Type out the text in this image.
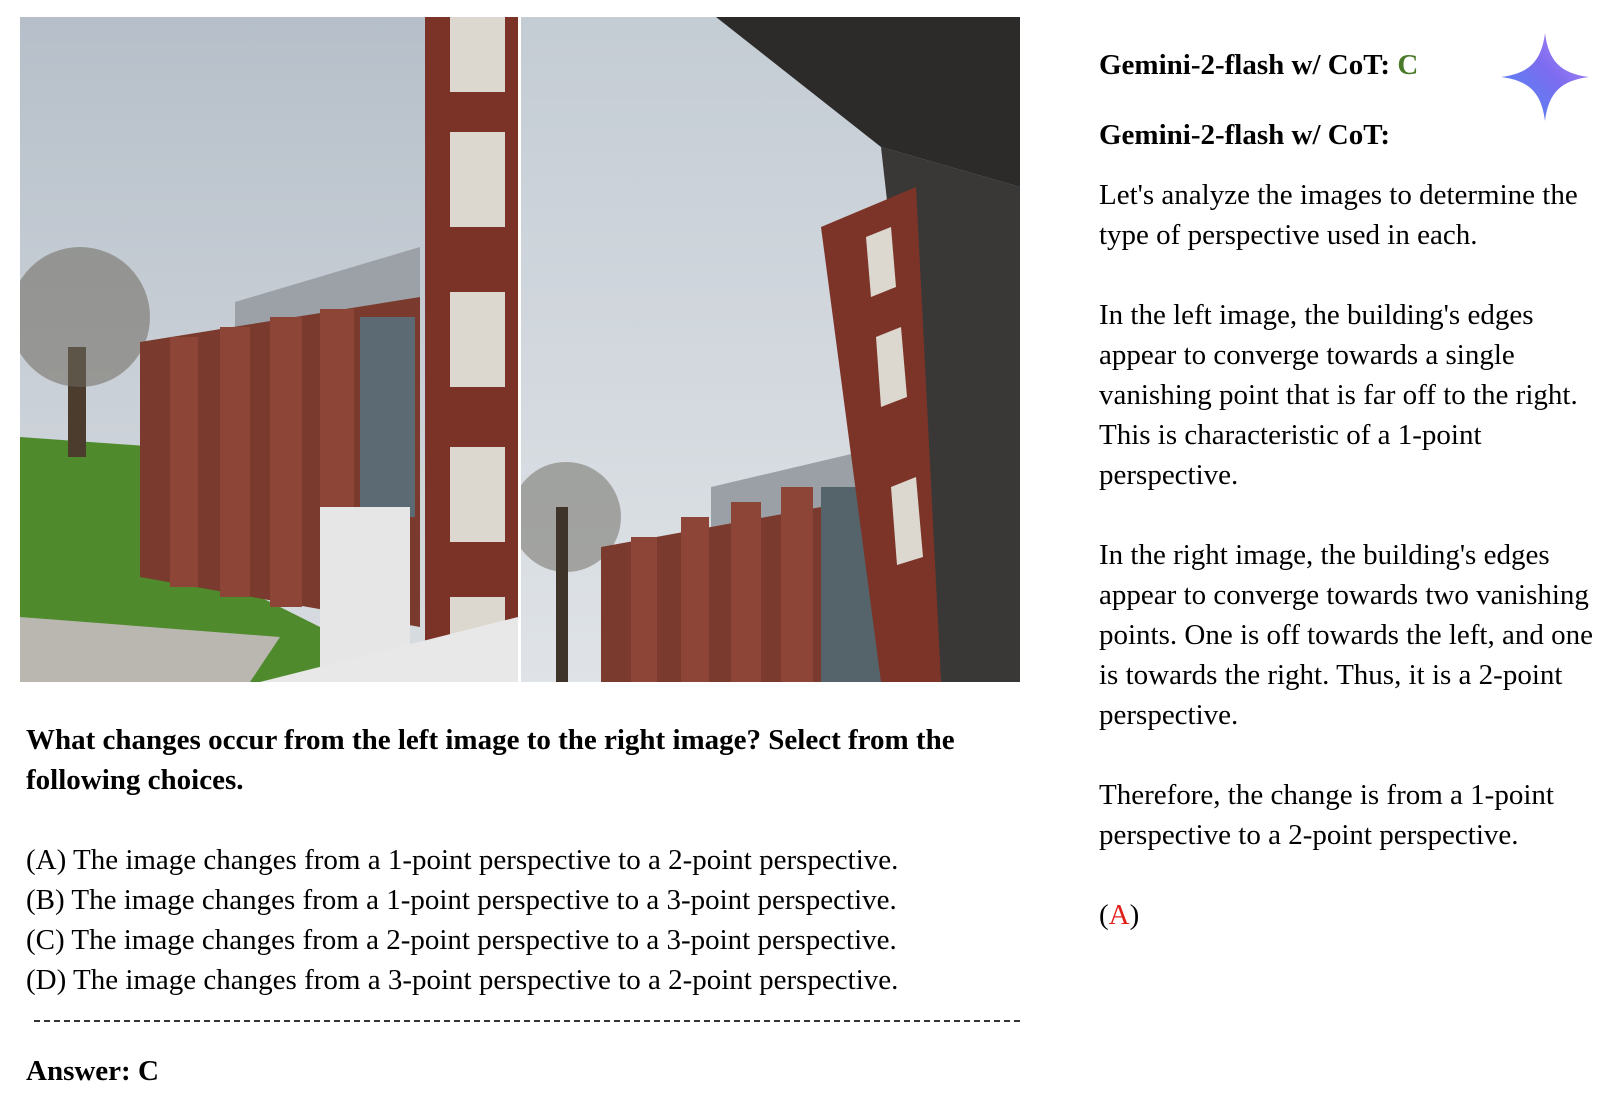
What changes occur from the left image to the right image? Select from the following choices.
(A) The image changes from a 1-point perspective to a 2-point perspective.
(B) The image changes from a 1-point perspective to a 3-point perspective.
(C) The image changes from a 2-point perspective to a 3-point perspective.
(D) The image changes from a 3-point perspective to a 2-point perspective.
Answer: C
Gemini-2-flash w/ CoT: C
Gemini-2-flash w/ CoT:

Let's analyze the images to determine the type of perspective used in each.

In the left image, the building's edges appear to converge towards a single vanishing point that is far off to the right. This is characteristic of a 1-point perspective.

In the right image, the building's edges appear to converge towards two vanishing points. One is off towards the left, and one is towards the right. Thus, it is a 2-point perspective.

Therefore, the change is from a 1-point perspective to a 2-point perspective.

(A)
